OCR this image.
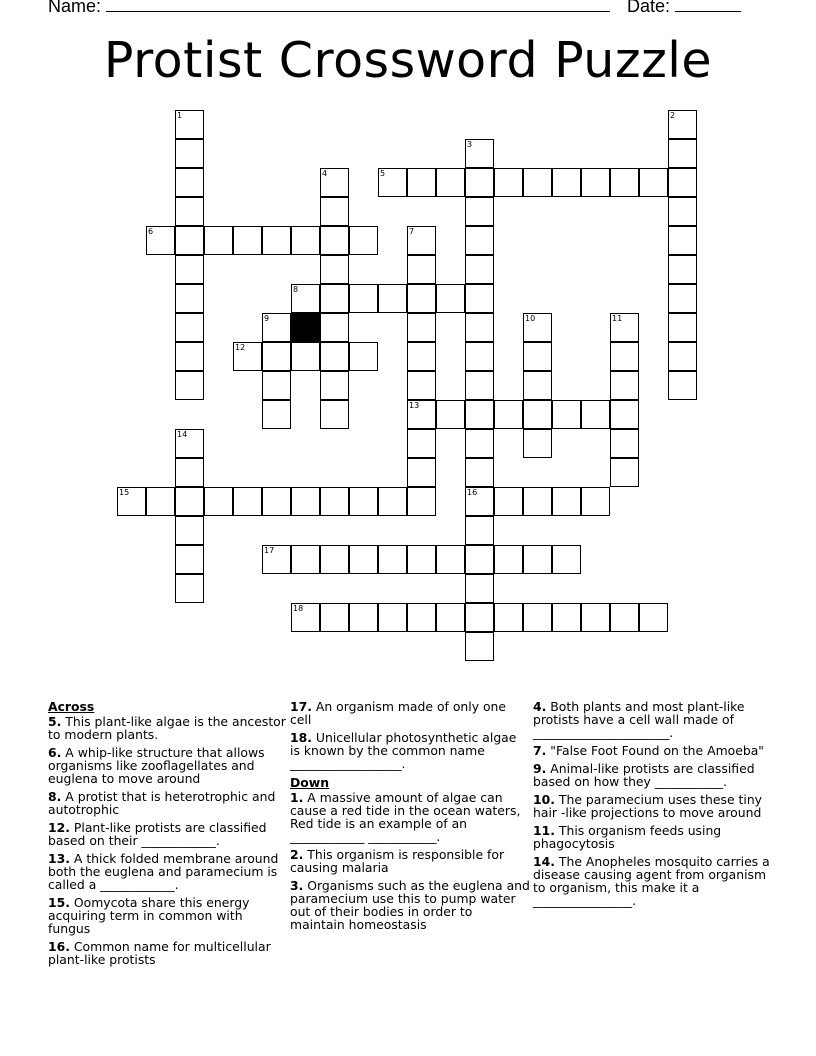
Name:	Date:
Protist Crossword Puzzle
5
6
8
12
13
15	16
17
18
1	2
3
4
7
9	10	11
14
Across
5. This plant-like algae is the ancestor to modern plants.
6. A whip-like structure that allows organisms like zooflagellates and euglena to move around
8. A protist that is heterotrophic and autotrophic
12. Plant-like protists are classified based on their ____________.
13. A thick folded membrane around both the euglena and paramecium is called a ____________.
15. Oomycota share this energy acquiring term in common with fungus
16. Common name for multicellular plant-like protists
17. An organism made of only one cell
18. Unicellular photosynthetic algae is known by the common name __________________.
Down
1. A massive amount of algae can cause a red tide in the ocean waters, Red tide is an example of an ____________ ___________.
2. This organism is responsible for causing malaria
3. Organisms such as the euglena and paramecium use this to pump water out of their bodies in order to maintain homeostasis
4. Both plants and most plant-like protists have a cell wall made of ______________________.
7. "False Foot Found on the Amoeba"
9. Animal-like protists are classified based on how they ___________.
10. The paramecium uses these tiny hair -like projections to move around
11. This organism feeds using phagocytosis
14. The Anopheles mosquito carries a disease causing agent from organism to organism, this make it a ________________.
